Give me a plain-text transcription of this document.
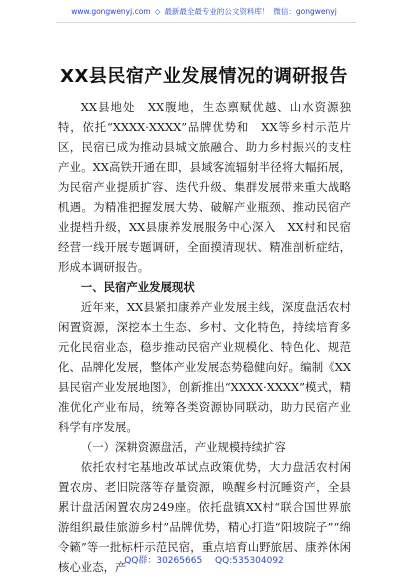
www.gongwenyj.com ◇ 最新最全最专业的公文资料库！ 微信：gongwenyj
XX县民宿产业发展情况的调研报告

XX县地处　XX腹地，生态禀赋优越、山水资源独特，依托“XXXX·XXXX”品牌优势和　XX等乡村示范片区，民宿已成为推动县城文旅融合、助力乡村振兴的支柱产业。XX高铁开通在即，县域客流辐射半径将大幅拓展，为民宿产业提质扩容、迭代升级、集群发展带来重大战略机遇。为精准把握发展大势、破解产业瓶颈、推动民宿产业提档升级，XX县康养发展服务中心深入　XX村和民宿经营一线开展专题调研，全面摸清现状、精准剖析症结，形成本调研报告。

一、民宿产业发展现状

近年来，XX县紧扣康养产业发展主线，深度盘活农村闲置资源，深挖本土生态、乡村、文化特色，持续培育多元化民宿业态，稳步推动民宿产业规模化、特色化、规范化、品牌化发展，整体产业发展态势稳健向好。编制《XX县民宿产业发展地图》，创新推出“XXXX·XXXX”模式，精准优化产业布局，统筹各类资源协同联动，助力民宿产业科学有序发展。

（一）深耕资源盘活，产业规模持续扩容

依托农村宅基地改革试点政策优势，大力盘活农村闲置农房、老旧院落等存量资源，唤醒乡村沉睡资产，全县累计盘活闲置农房249座。依托盘镇XX村“联合国世界旅游组织最佳旅游乡村”品牌优势，精心打造“阳坡院子”“绵令籁”等一批标杆示范民宿，重点培育山野旅居、康养休闲核心业态，产

QQ群：30265665 QQ:535304092
